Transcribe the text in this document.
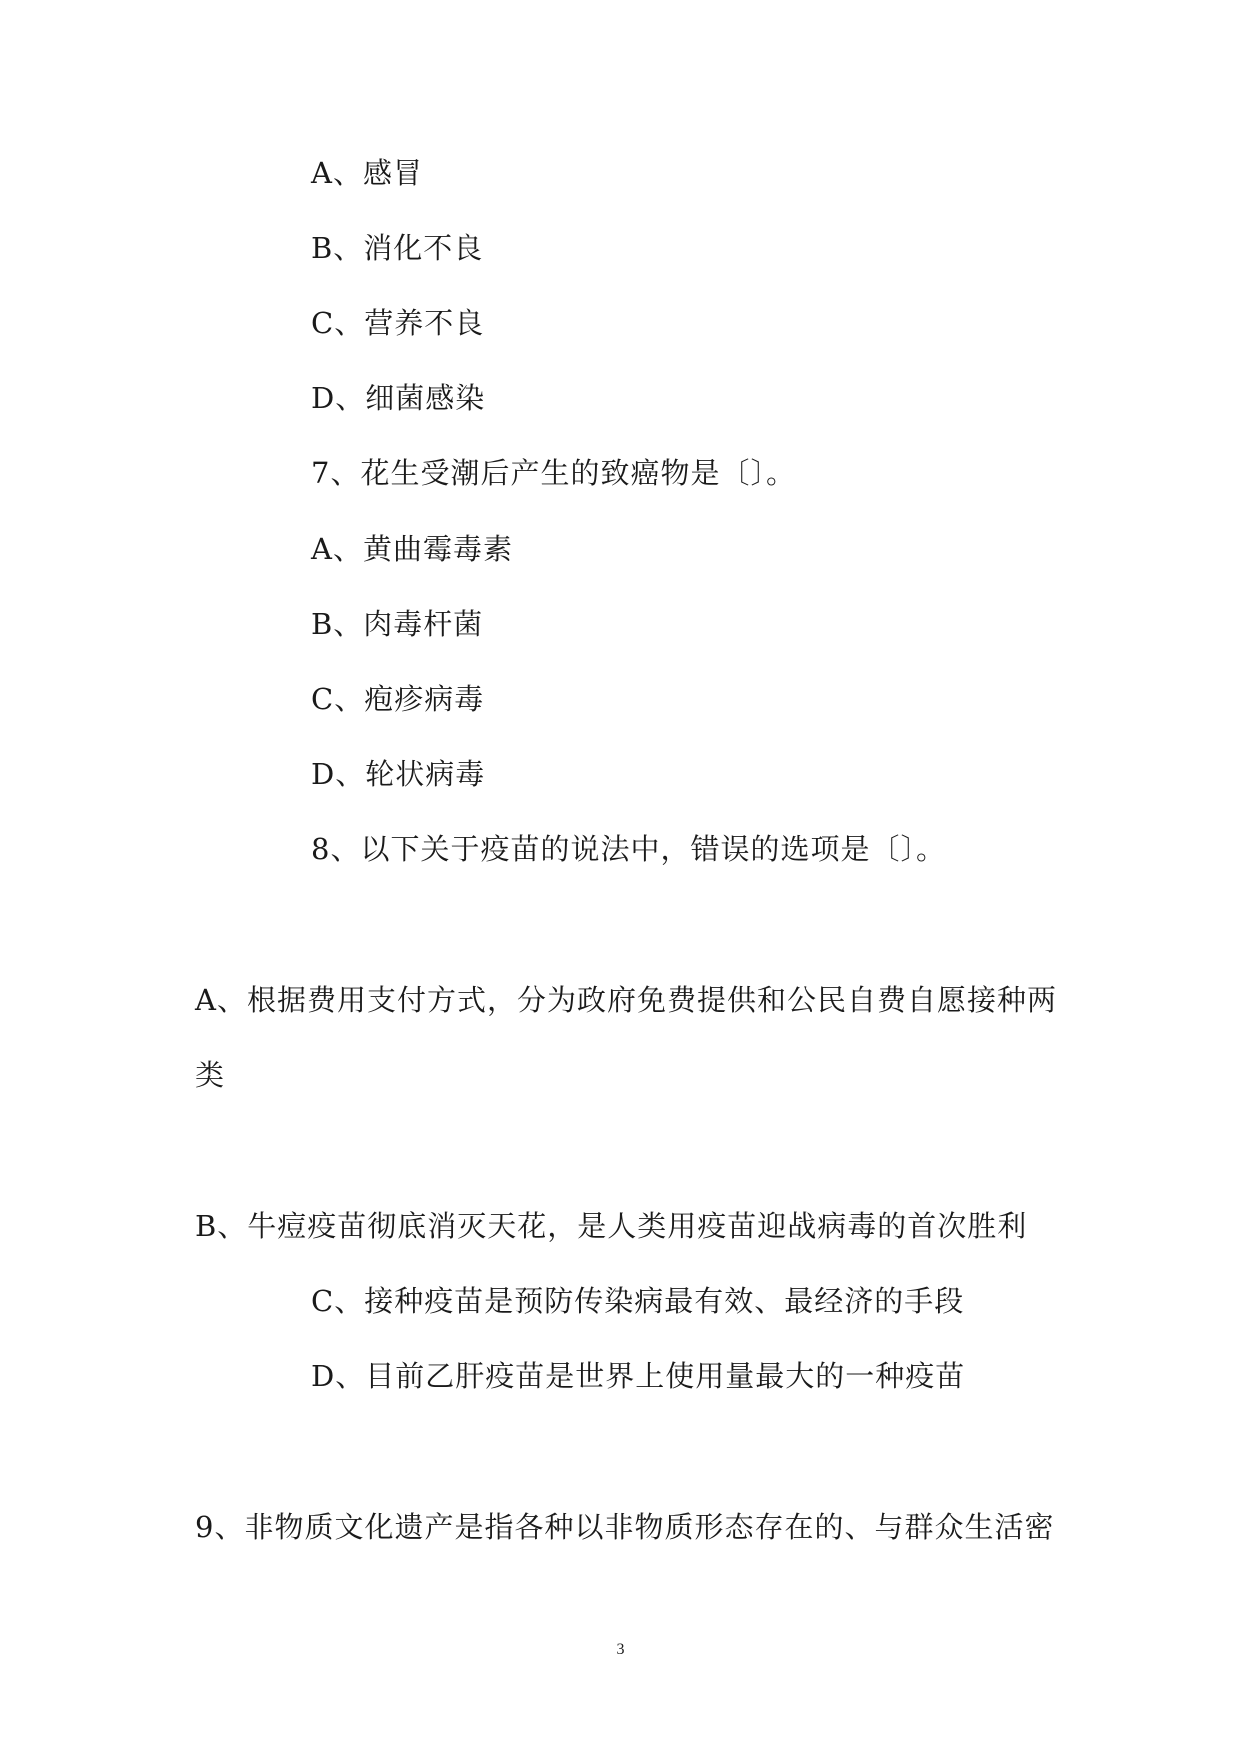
A、感冒
B、消化不良
C、营养不良
D、细菌感染
7、花生受潮后产生的致癌物是〔〕。
A、黄曲霉毒素
B、肉毒杆菌
C、疱疹病毒
D、轮状病毒
8、以下关于疫苗的说法中，错误的选项是〔〕。
A、根据费用支付方式，分为政府免费提供和公民自费自愿接种两
类
B、牛痘疫苗彻底消灭天花，是人类用疫苗迎战病毒的首次胜利
C、接种疫苗是预防传染病最有效、最经济的手段
D、目前乙肝疫苗是世界上使用量最大的一种疫苗
9、非物质文化遗产是指各种以非物质形态存在的、与群众生活密
3
